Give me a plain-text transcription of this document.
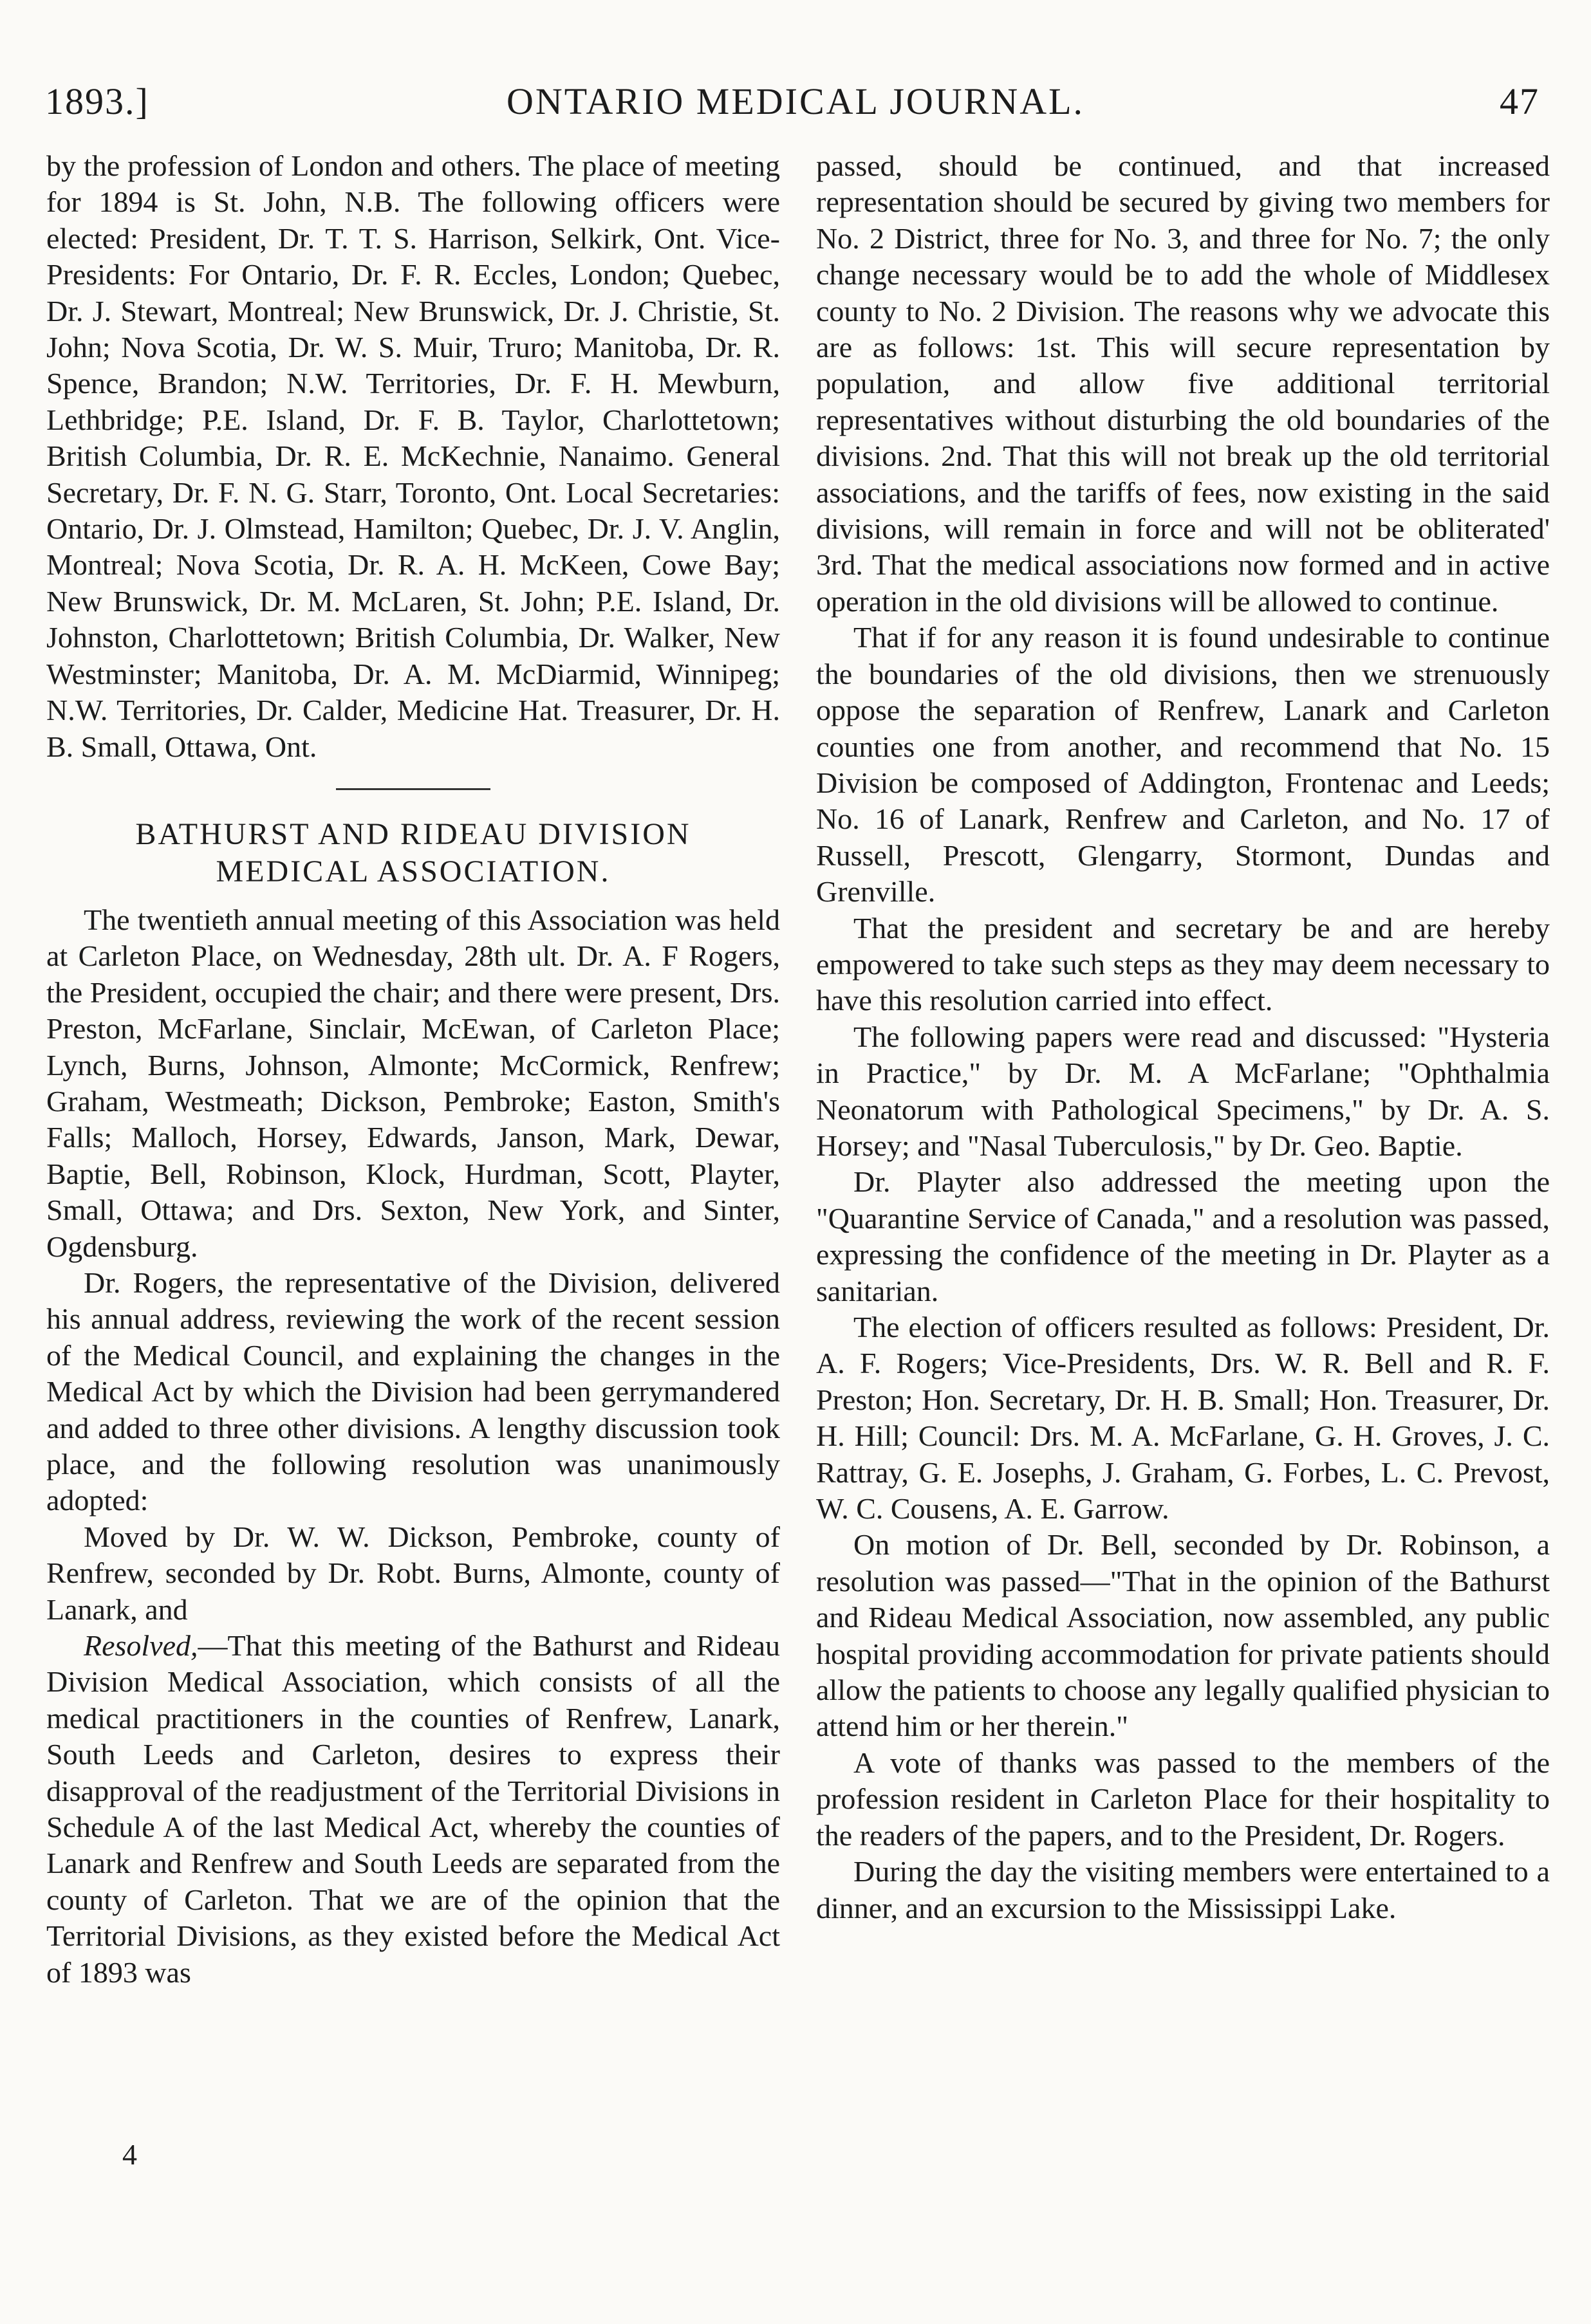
1893.]	ONTARIO MEDICAL JOURNAL.	47

by the profession of London and others. The place of meeting for 1894 is St. John, N.B. The following officers were elected: President, Dr. T. T. S. Harrison, Selkirk, Ont. Vice-Presidents: For Ontario, Dr. F. R. Eccles, London; Quebec, Dr. J. Stewart, Montreal; New Brunswick, Dr. J. Christie, St. John; Nova Scotia, Dr. W. S. Muir, Truro; Manitoba, Dr. R. Spence, Brandon; N.W. Territories, Dr. F. H. Mewburn, Lethbridge; P.E. Island, Dr. F. B. Taylor, Charlottetown; British Columbia, Dr. R. E. McKechnie, Nanaimo. General Secretary, Dr. F. N. G. Starr, Toronto, Ont. Local Secretaries: Ontario, Dr. J. Olmstead, Hamilton; Quebec, Dr. J. V. Anglin, Montreal; Nova Scotia, Dr. R. A. H. McKeen, Cowe Bay; New Brunswick, Dr. M. McLaren, St. John; P.E. Island, Dr. Johnston, Charlottetown; British Columbia, Dr. Walker, New Westminster; Manitoba, Dr. A. M. McDiarmid, Winnipeg; N.W. Territories, Dr. Calder, Medicine Hat. Treasurer, Dr. H. B. Small, Ottawa, Ont.

BATHURST AND RIDEAU DIVISION
MEDICAL ASSOCIATION.

The twentieth annual meeting of this Association was held at Carleton Place, on Wednesday, 28th ult. Dr. A. F Rogers, the President, occupied the chair; and there were present, Drs. Preston, McFarlane, Sinclair, McEwan, of Carleton Place; Lynch, Burns, Johnson, Almonte; McCormick, Renfrew; Graham, Westmeath; Dickson, Pembroke; Easton, Smith's Falls; Malloch, Horsey, Edwards, Janson, Mark, Dewar, Baptie, Bell, Robinson, Klock, Hurdman, Scott, Playter, Small, Ottawa; and Drs. Sexton, New York, and Sinter, Ogdensburg.

Dr. Rogers, the representative of the Division, delivered his annual address, reviewing the work of the recent session of the Medical Council, and explaining the changes in the Medical Act by which the Division had been gerrymandered and added to three other divisions. A lengthy discussion took place, and the following resolution was unanimously adopted:

Moved by Dr. W. W. Dickson, Pembroke, county of Renfrew, seconded by Dr. Robt. Burns, Almonte, county of Lanark, and

Resolved,—That this meeting of the Bathurst and Rideau Division Medical Association, which consists of all the medical practitioners in the counties of Renfrew, Lanark, South Leeds and Carleton, desires to express their disapproval of the readjustment of the Territorial Divisions in Schedule A of the last Medical Act, whereby the counties of Lanark and Renfrew and South Leeds are separated from the county of Carleton. That we are of the opinion that the Territorial Divisions, as they existed before the Medical Act of 1893 was

4

passed, should be continued, and that increased representation should be secured by giving two members for No. 2 District, three for No. 3, and three for No. 7; the only change necessary would be to add the whole of Middlesex county to No. 2 Division. The reasons why we advocate this are as follows: 1st. This will secure representation by population, and allow five additional territorial representatives without disturbing the old boundaries of the divisions. 2nd. That this will not break up the old territorial associations, and the tariffs of fees, now existing in the said divisions, will remain in force and will not be obliterated' 3rd. That the medical associations now formed and in active operation in the old divisions will be allowed to continue.

That if for any reason it is found undesirable to continue the boundaries of the old divisions, then we strenuously oppose the separation of Renfrew, Lanark and Carleton counties one from another, and recommend that No. 15 Division be composed of Addington, Frontenac and Leeds; No. 16 of Lanark, Renfrew and Carleton, and No. 17 of Russell, Prescott, Glengarry, Stormont, Dundas and Grenville.

That the president and secretary be and are hereby empowered to take such steps as they may deem necessary to have this resolution carried into effect.

The following papers were read and discussed: "Hysteria in Practice," by Dr. M. A McFarlane; "Ophthalmia Neonatorum with Pathological Specimens," by Dr. A. S. Horsey; and "Nasal Tuberculosis," by Dr. Geo. Baptie.

Dr. Playter also addressed the meeting upon the "Quarantine Service of Canada," and a resolution was passed, expressing the confidence of the meeting in Dr. Playter as a sanitarian.

The election of officers resulted as follows: President, Dr. A. F. Rogers; Vice-Presidents, Drs. W. R. Bell and R. F. Preston; Hon. Secretary, Dr. H. B. Small; Hon. Treasurer, Dr. H. Hill; Council: Drs. M. A. McFarlane, G. H. Groves, J. C. Rattray, G. E. Josephs, J. Graham, G. Forbes, L. C. Prevost, W. C. Cousens, A. E. Garrow.

On motion of Dr. Bell, seconded by Dr. Robinson, a resolution was passed—"That in the opinion of the Bathurst and Rideau Medical Association, now assembled, any public hospital providing accommodation for private patients should allow the patients to choose any legally qualified physician to attend him or her therein."

A vote of thanks was passed to the members of the profession resident in Carleton Place for their hospitality to the readers of the papers, and to the President, Dr. Rogers.

During the day the visiting members were entertained to a dinner, and an excursion to the Mississippi Lake.
